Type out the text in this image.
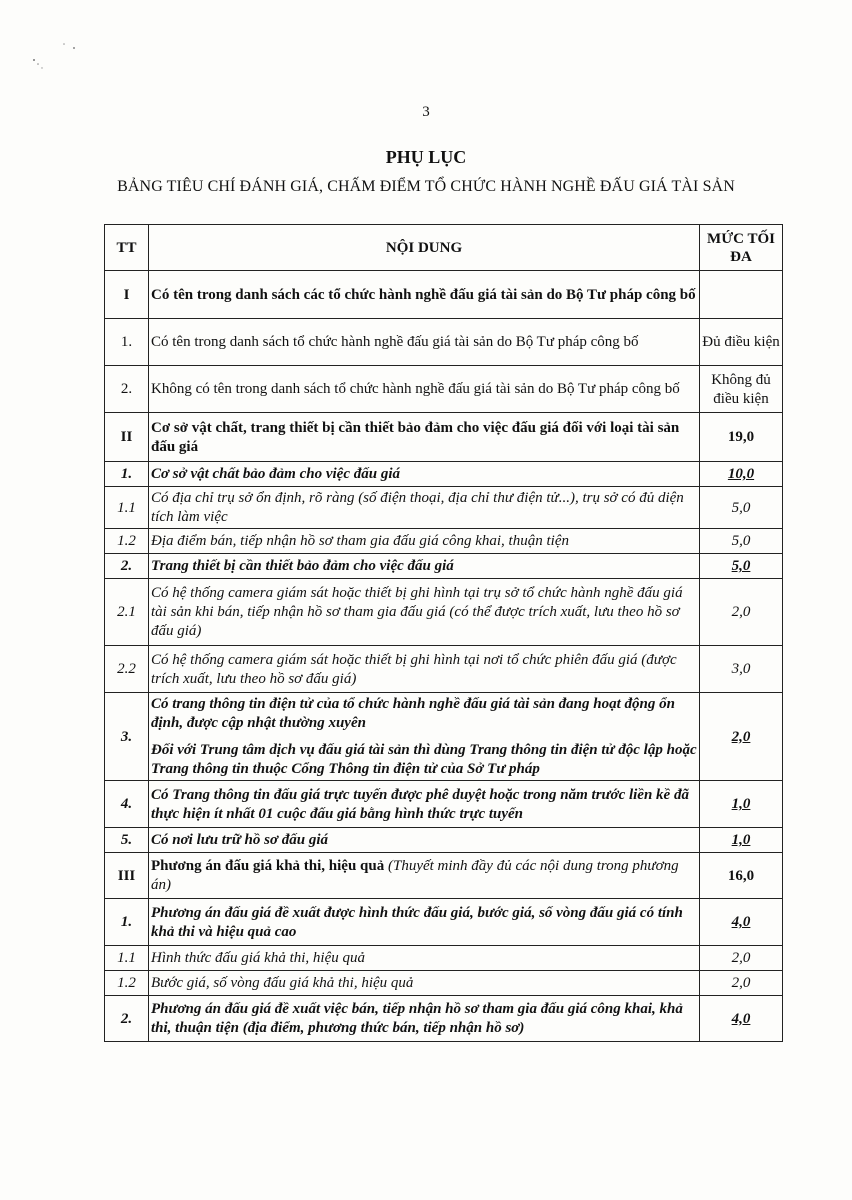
3
PHỤ LỤC
BẢNG TIÊU CHÍ ĐÁNH GIÁ, CHẤM ĐIỂM TỔ CHỨC HÀNH NGHỀ ĐẤU GIÁ TÀI SẢN
TT	NỘI DUNG	MỨC TỐI ĐA
I	Có tên trong danh sách các tổ chức hành nghề đấu giá tài sản do Bộ Tư pháp công bố	
1.	Có tên trong danh sách tổ chức hành nghề đấu giá tài sản do Bộ Tư pháp công bố	Đủ điều kiện
2.	Không có tên trong danh sách tổ chức hành nghề đấu giá tài sản do Bộ Tư pháp công bố	Không đủ điều kiện
II	Cơ sở vật chất, trang thiết bị cần thiết bảo đảm cho việc đấu giá đối với loại tài sản đấu giá	19,0
1.	Cơ sở vật chất bảo đảm cho việc đấu giá	10,0
1.1	Có địa chỉ trụ sở ổn định, rõ ràng (số điện thoại, địa chỉ thư điện tử...), trụ sở có đủ diện tích làm việc	5,0
1.2	Địa điểm bán, tiếp nhận hồ sơ tham gia đấu giá công khai, thuận tiện	5,0
2.	Trang thiết bị cần thiết bảo đảm cho việc đấu giá	5,0
2.1	Có hệ thống camera giám sát hoặc thiết bị ghi hình tại trụ sở tổ chức hành nghề đấu giá tài sản khi bán, tiếp nhận hồ sơ tham gia đấu giá (có thể được trích xuất, lưu theo hồ sơ đấu giá)	2,0
2.2	Có hệ thống camera giám sát hoặc thiết bị ghi hình tại nơi tổ chức phiên đấu giá (được trích xuất, lưu theo hồ sơ đấu giá)	3,0
3.	Có trang thông tin điện tử của tổ chức hành nghề đấu giá tài sản đang hoạt động ổn định, được cập nhật thường xuyên
Đối với Trung tâm dịch vụ đấu giá tài sản thì dùng Trang thông tin điện tử độc lập hoặc Trang thông tin thuộc Cổng Thông tin điện tử của Sở Tư pháp	2,0
4.	Có Trang thông tin đấu giá trực tuyến được phê duyệt hoặc trong năm trước liền kề đã thực hiện ít nhất 01 cuộc đấu giá bằng hình thức trực tuyến	1,0
5.	Có nơi lưu trữ hồ sơ đấu giá	1,0
III	Phương án đấu giá khả thi, hiệu quả (Thuyết minh đầy đủ các nội dung trong phương án)	16,0
1.	Phương án đấu giá đề xuất được hình thức đấu giá, bước giá, số vòng đấu giá có tính khả thi và hiệu quả cao	4,0
1.1	Hình thức đấu giá khả thi, hiệu quả	2,0
1.2	Bước giá, số vòng đấu giá khả thi, hiệu quả	2,0
2.	Phương án đấu giá đề xuất việc bán, tiếp nhận hồ sơ tham gia đấu giá công khai, khả thi, thuận tiện (địa điểm, phương thức bán, tiếp nhận hồ sơ)	4,0
